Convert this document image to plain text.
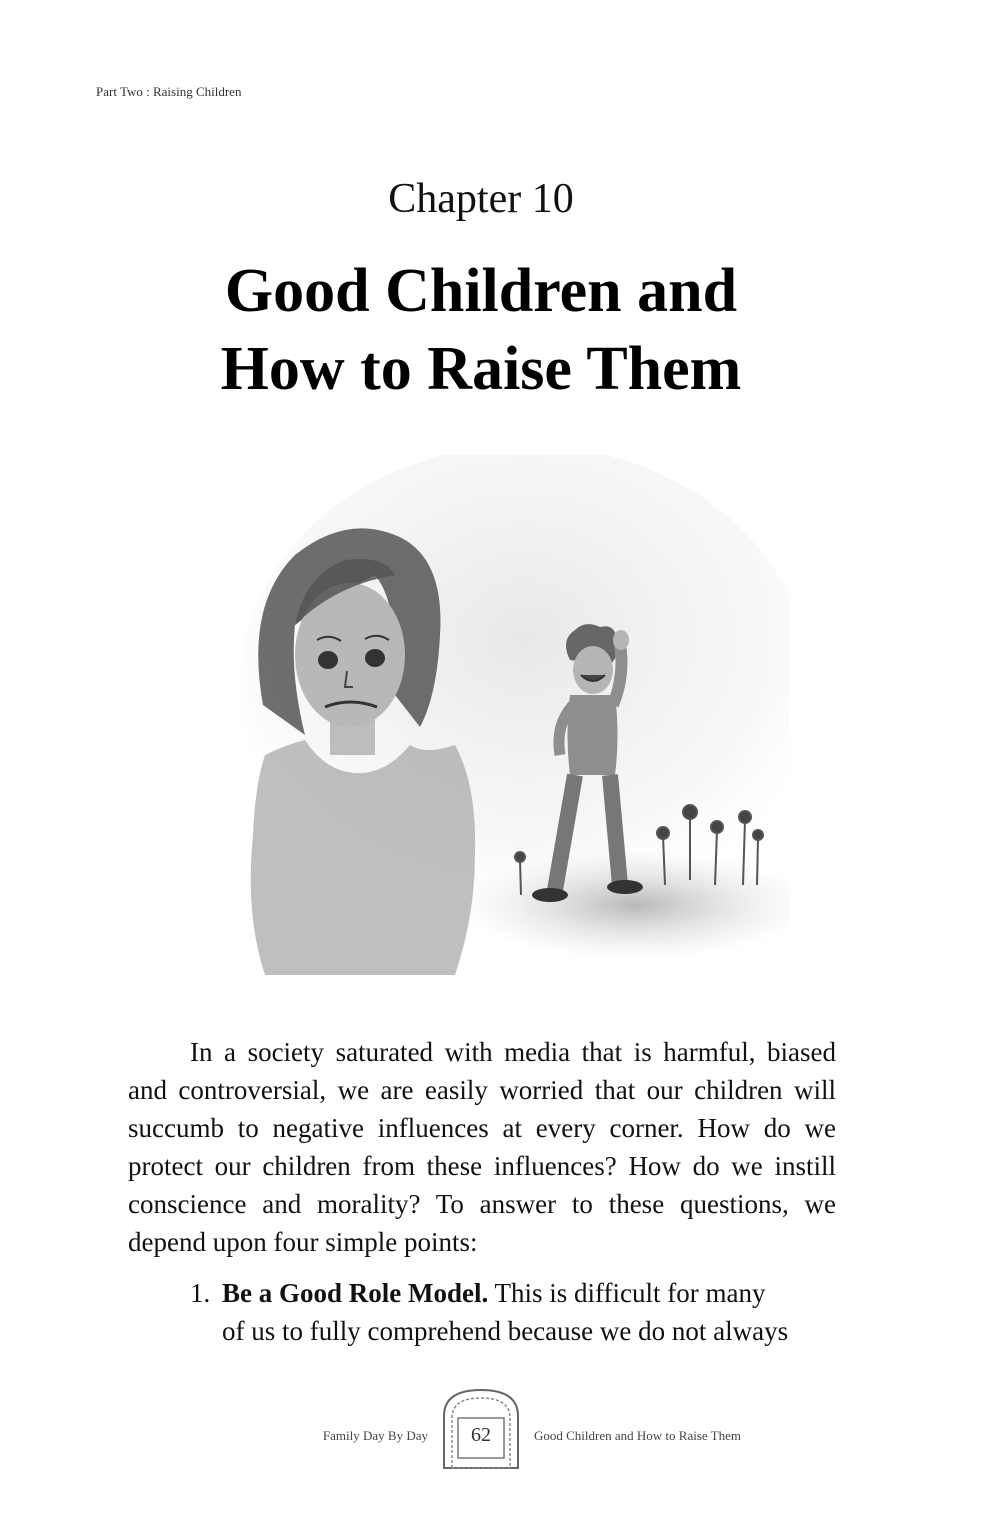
Part Two : Raising Children
Chapter 10
Good Children and
How to Raise Them

In a society saturated with media that is harmful, biased and controversial, we are easily worried that our children will succumb to negative influences at every corner. How do we protect our children from these influences? How do we instill conscience and morality? To answer to these questions, we depend upon four simple points:

1. Be a Good Role Model. This is difficult for many
of us to fully comprehend because we do not always
Family Day By Day	62	Good Children and How to Raise Them
